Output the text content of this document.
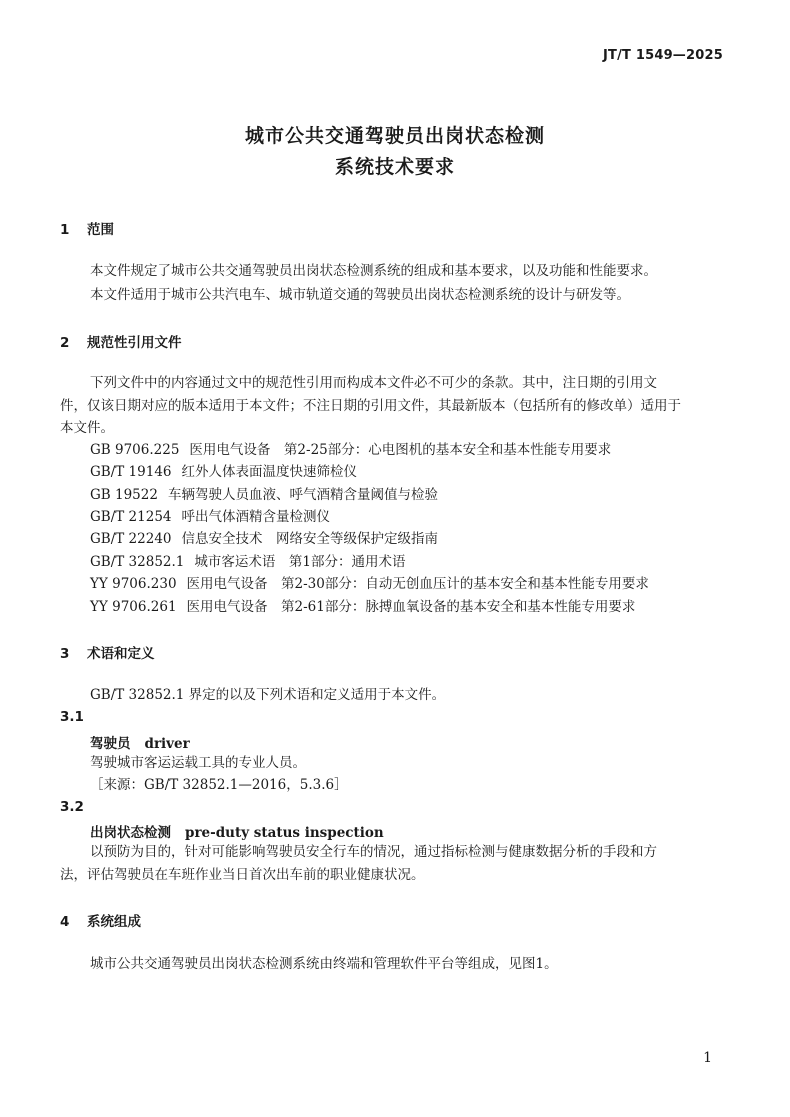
JT/T 1549—2025
城市公共交通驾驶员出岗状态检测
系统技术要求
1 范围
本文件规定了城市公共交通驾驶员出岗状态检测系统的组成和基本要求，以及功能和性能要求。
本文件适用于城市公共汽电车、城市轨道交通的驾驶员出岗状态检测系统的设计与研发等。
2 规范性引用文件
下列文件中的内容通过文中的规范性引用而构成本文件必不可少的条款。其中，注日期的引用文
件，仅该日期对应的版本适用于本文件；不注日期的引用文件，其最新版本（包括所有的修改单）适用于
本文件。
GB 9706.225 医用电气设备　第2-25部分：心电图机的基本安全和基本性能专用要求
GB/T 19146 红外人体表面温度快速筛检仪
GB 19522 车辆驾驶人员血液、呼气酒精含量阈值与检验
GB/T 21254 呼出气体酒精含量检测仪
GB/T 22240 信息安全技术　网络安全等级保护定级指南
GB/T 32852.1 城市客运术语　第1部分：通用术语
YY 9706.230 医用电气设备　第2-30部分：自动无创血压计的基本安全和基本性能专用要求
YY 9706.261 医用电气设备　第2-61部分：脉搏血氧设备的基本安全和基本性能专用要求
3 术语和定义
GB/T 32852.1 界定的以及下列术语和定义适用于本文件。
3.1
驾驶员 driver
驾驶城市客运运载工具的专业人员。
［来源：GB/T 32852.1—2016，5.3.6］
3.2
出岗状态检测 pre-duty status inspection
以预防为目的，针对可能影响驾驶员安全行车的情况，通过指标检测与健康数据分析的手段和方
法，评估驾驶员在车班作业当日首次出车前的职业健康状况。
4 系统组成
城市公共交通驾驶员出岗状态检测系统由终端和管理软件平台等组成，见图1。
1
